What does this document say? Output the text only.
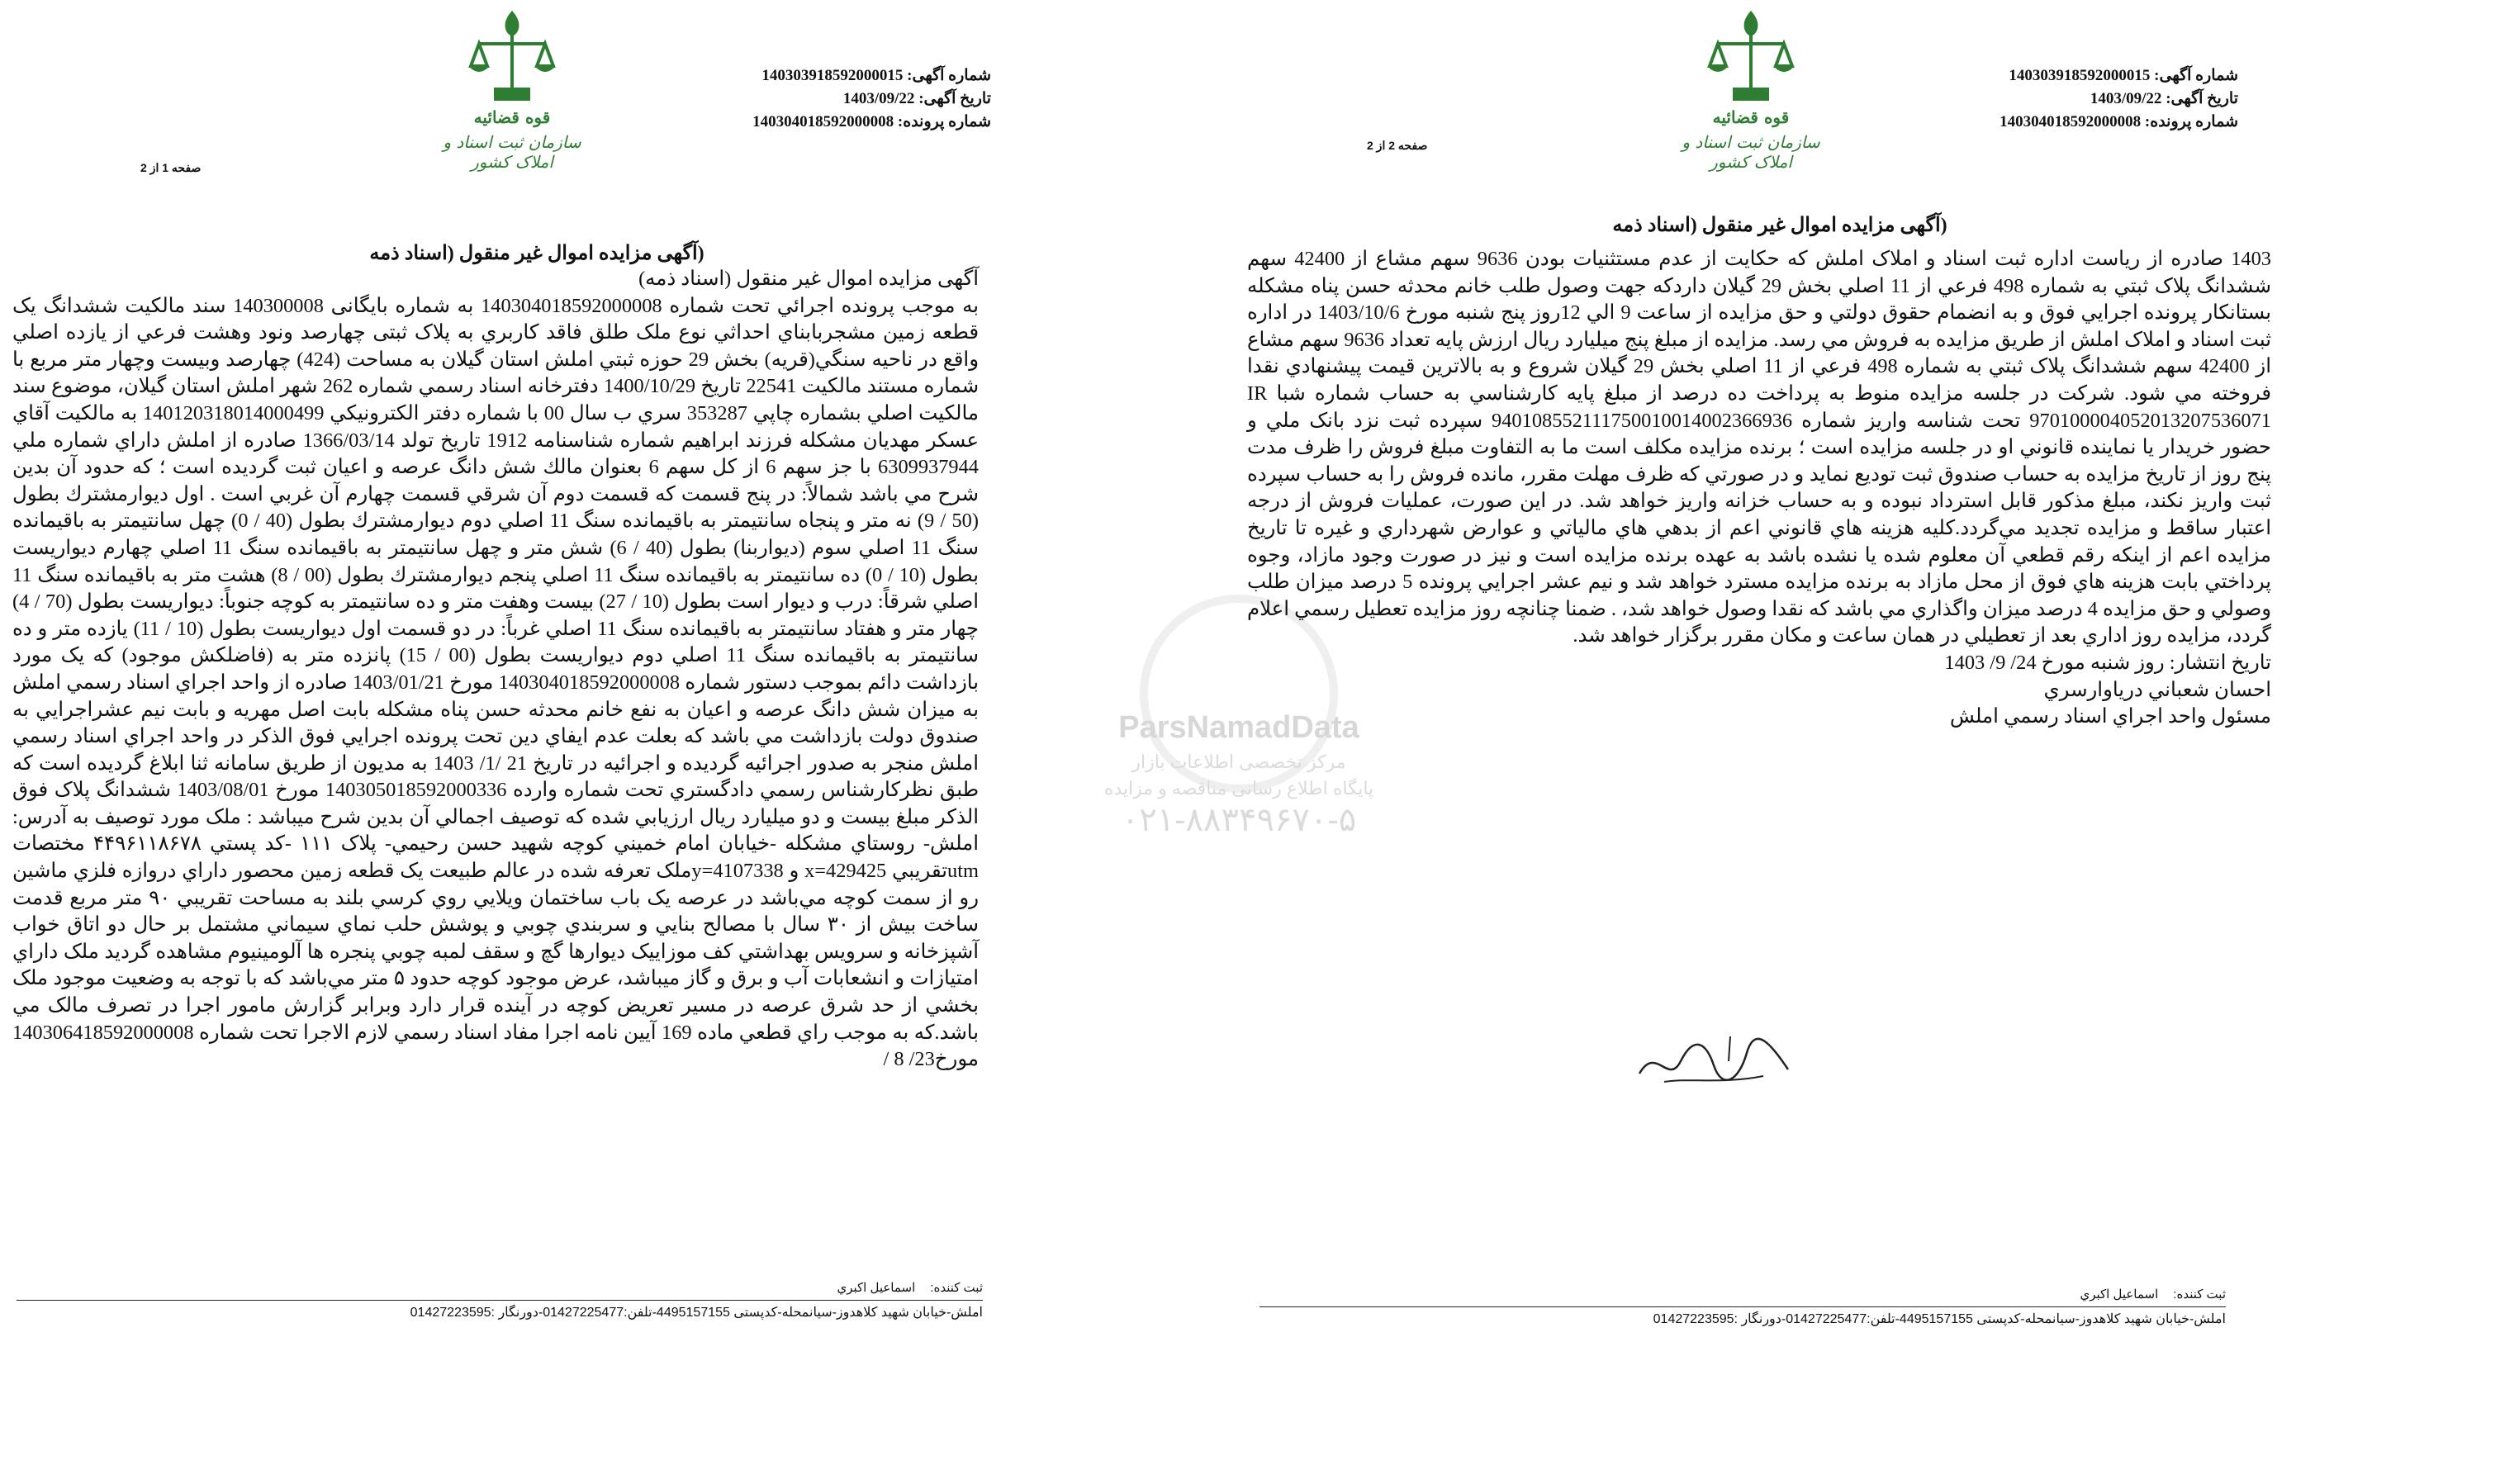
قوه قضائیه
سازمان ثبت اسناد و املاک کشور
شماره آگهی: 140303918592000015
تاریخ آگهی: 1403/09/22
شماره پرونده: 140304018592000008
صفحه 1 از 2
(آگهی مزایده اموال غیر منقول (اسناد ذمه
آگهی مزایده اموال غیر منقول (اسناد ذمه)
به موجب پرونده اجرائي تحت شماره 140304018592000008 به شماره بایگانی 140300008 سند مالکیت ششدانگ یک قطعه زمین مشجربابناي احداثي نوع ملک طلق فاقد کاربري به پلاک ثبتی چهارصد ونود وهشت فرعي از يازده اصلي واقع در ناحيه سنگي(قريه) بخش 29 حوزه ثبتي املش استان گيلان به مساحت (424) چهارصد وبيست وچهار متر مربع با شماره مستند مالكيت 22541 تاريخ 1400/10/29 دفترخانه اسناد رسمي شماره 262 شهر املش استان گيلان، موضوع سند مالكيت اصلي بشماره چاپي 353287 سري ب سال 00 با شماره دفتر الكترونيكي 140120318014000499 به مالكيت آقاي عسكر مهديان مشكله فرزند ابراهيم شماره شناسنامه 1912 تاريخ تولد 1366/03/14 صادره از املش داراي شماره ملي 6309937944 با جز سهم 6 از كل سهم 6 بعنوان مالك شش دانگ عرصه و اعيان ثبت گرديده است ؛ كه حدود آن بدين شرح مي باشد شمالاً: در پنج قسمت كه قسمت دوم آن شرقي قسمت چهارم آن غربي است . اول ديوارمشترك بطول (50 / 9) نه متر و پنجاه سانتيمتر به باقيمانده سنگ 11 اصلي دوم ديوارمشترك بطول (40 / 0) چهل سانتيمتر به باقيمانده سنگ 11 اصلي سوم (ديواربنا) بطول (40 / 6) شش متر و چهل سانتيمتر به باقيمانده سنگ 11 اصلي چهارم ديواريست بطول (10 / 0) ده سانتيمتر به باقيمانده سنگ 11 اصلي پنجم ديوارمشترك بطول (00 / 8) هشت متر به باقيمانده سنگ 11 اصلي شرقاً: درب و ديوار است بطول (10 / 27) بيست وهفت متر و ده سانتيمتر به كوچه جنوباً: ديواريست بطول (70 / 4) چهار متر و هفتاد سانتيمتر به باقيمانده سنگ 11 اصلي غرباً: در دو قسمت اول ديواريست بطول (10 / 11) يازده متر و ده سانتيمتر به باقيمانده سنگ 11 اصلي دوم ديواريست بطول (00 / 15) پانزده متر به (فاضلكش موجود) كه يک مورد بازداشت دائم بموجب دستور شماره 140304018592000008 مورخ 1403/01/21 صادره از واحد اجراي اسناد رسمي املش به ميزان شش دانگ عرصه و اعيان به نفع خانم محدثه حسن پناه مشكله بابت اصل مهريه و بابت نيم عشراجرايي به صندوق دولت بازداشت مي باشد كه بعلت عدم ايفاي دين تحت پرونده اجرايي فوق الذكر در واحد اجراي اسناد رسمي املش منجر به صدور اجرائيه گرديده و اجرائيه در تاريخ 21 /1/ 1403 به مديون از طريق سامانه ثنا ابلاغ گرديده است كه طبق نظركارشناس رسمي دادگستري تحت شماره وارده 140305018592000336 مورخ 1403/08/01 ششدانگ پلاک فوق الذكر مبلغ بيست و دو ميليارد ريال ارزيابي شده كه توصيف اجمالي آن بدين شرح ميباشد : ملک مورد توصيف به آدرس: املش- روستاي مشكله -خيابان امام خميني كوچه شهيد حسن رحيمي- پلاک ۱۱۱ -كد پستي ۴۴۹۶۱۱۸۶۷۸ مختصات utmتقريبي 429425=x و 4107338=yملک تعرفه شده در عالم طبيعت يک قطعه زمين محصور داراي دروازه فلزي ماشين رو از سمت كوچه مي‌باشد در عرصه يک باب ساختمان ويلايي روي كرسي بلند به مساحت تقريبي ۹۰ متر مربع قدمت ساخت بيش از ۳۰ سال با مصالح بنايي و سربندي چوبي و پوشش حلب نماي سيماني مشتمل بر حال دو اتاق خواب آشپزخانه و سرويس بهداشتي كف موزاييک ديوارها گچ و سقف لمبه چوبي پنجره ها آلومينيوم مشاهده گرديد ملک داراي امتيازات و انشعابات آب و برق و گاز ميباشد، عرض موجود كوچه حدود ۵ متر مي‌باشد كه با توجه به وضعيت موجود ملک بخشي از حد شرق عرصه در مسير تعريض كوچه در آينده قرار دارد وبرابر گزارش مامور اجرا در تصرف مالک مي باشد.كه به موجب راي قطعي ماده 169 آيين نامه اجرا مفاد اسناد رسمي لازم الاجرا تحت شماره 140306418592000008 مورخ23/ 8 /
ثبت کننده:
اسماعیل اکبري
املش-خیابان شهید کلاهدوز-سیانمحله-کدپستی 4495157155-تلفن:01427225477-دورنگار :01427223595
ParsNamadData
مرکز تخصصی اطلاعات بازار
پایگاه اطلاع رسانی مناقصه و مزایده
۰۲۱-۸۸۳۴۹۶۷۰-۵
قوه قضائیه
سازمان ثبت اسناد و املاک کشور
شماره آگهی: 140303918592000015
تاریخ آگهی: 1403/09/22
شماره پرونده: 140304018592000008
صفحه 2 از 2
(آگهی مزایده اموال غیر منقول (اسناد ذمه
1403 صادره از رياست اداره ثبت اسناد و املاک املش كه حكايت از عدم مستثنيات بودن 9636 سهم مشاع از 42400 سهم ششدانگ پلاک ثبتي به شماره 498 فرعي از 11 اصلي بخش 29 گيلان داردكه جهت وصول طلب خانم محدثه حسن پناه مشكله بستانكار پرونده اجرايي فوق و به انضمام حقوق دولتي و حق مزايده از ساعت 9 الي 12روز پنج شنبه مورخ 1403/10/6 در اداره ثبت اسناد و املاک املش از طريق مزايده به فروش مي رسد. مزايده از مبلغ پنج ميليارد ريال ارزش پايه تعداد 9636 سهم مشاع از 42400 سهم ششدانگ پلاک ثبتي به شماره 498 فرعي از 11 اصلي بخش 29 گيلان شروع و به بالاترين قيمت پيشنهادي نقدا فروخته مي شود. شركت در جلسه مزايده منوط به پرداخت ده درصد از مبلغ پايه كارشناسي به حساب شماره شبا IR 970100004052013207536071 تحت شناسه واريز شماره 940108552111750010014002366936 سپرده ثبت نزد بانک ملي و حضور خريدار يا نماينده قانوني او در جلسه مزايده است ؛ برنده مزايده مكلف است ما به التفاوت مبلغ فروش را ظرف مدت پنج روز از تاريخ مزايده به حساب صندوق ثبت توديع نمايد و در صورتي كه ظرف مهلت مقرر، مانده فروش را به حساب سپرده ثبت واريز نكند، مبلغ مذكور قابل استرداد نبوده و به حساب خزانه واريز خواهد شد. در اين صورت، عمليات فروش از درجه اعتبار ساقط و مزايده تجديد مي‌گردد.كليه هزينه هاي قانوني اعم از بدهي هاي مالياتي و عوارض شهرداري و غيره تا تاريخ مزايده اعم از اينكه رقم قطعي آن معلوم شده يا نشده باشد به عهده برنده مزايده است و نيز در صورت وجود مازاد، وجوه پرداختي بابت هزينه هاي فوق از محل مازاد به برنده مزايده مسترد خواهد شد و نيم عشر اجرايي پرونده 5 درصد ميزان طلب وصولي و حق مزايده 4 درصد ميزان واگذاري مي باشد كه نقدا وصول خواهد شد، . ضمنا چنانچه روز مزايده تعطيل رسمي اعلام گردد، مزايده روز اداري بعد از تعطيلي در همان ساعت و مكان مقرر برگزار خواهد شد.
تاريخ انتشار: روز شنبه مورخ 24/ 9/ 1403
احسان شعباني درياوارسري
مسئول واحد اجراي اسناد رسمي املش
ثبت کننده:
اسماعیل اکبري
املش-خیابان شهید کلاهدوز-سیانمحله-کدپستی 4495157155-تلفن:01427225477-دورنگار :01427223595
